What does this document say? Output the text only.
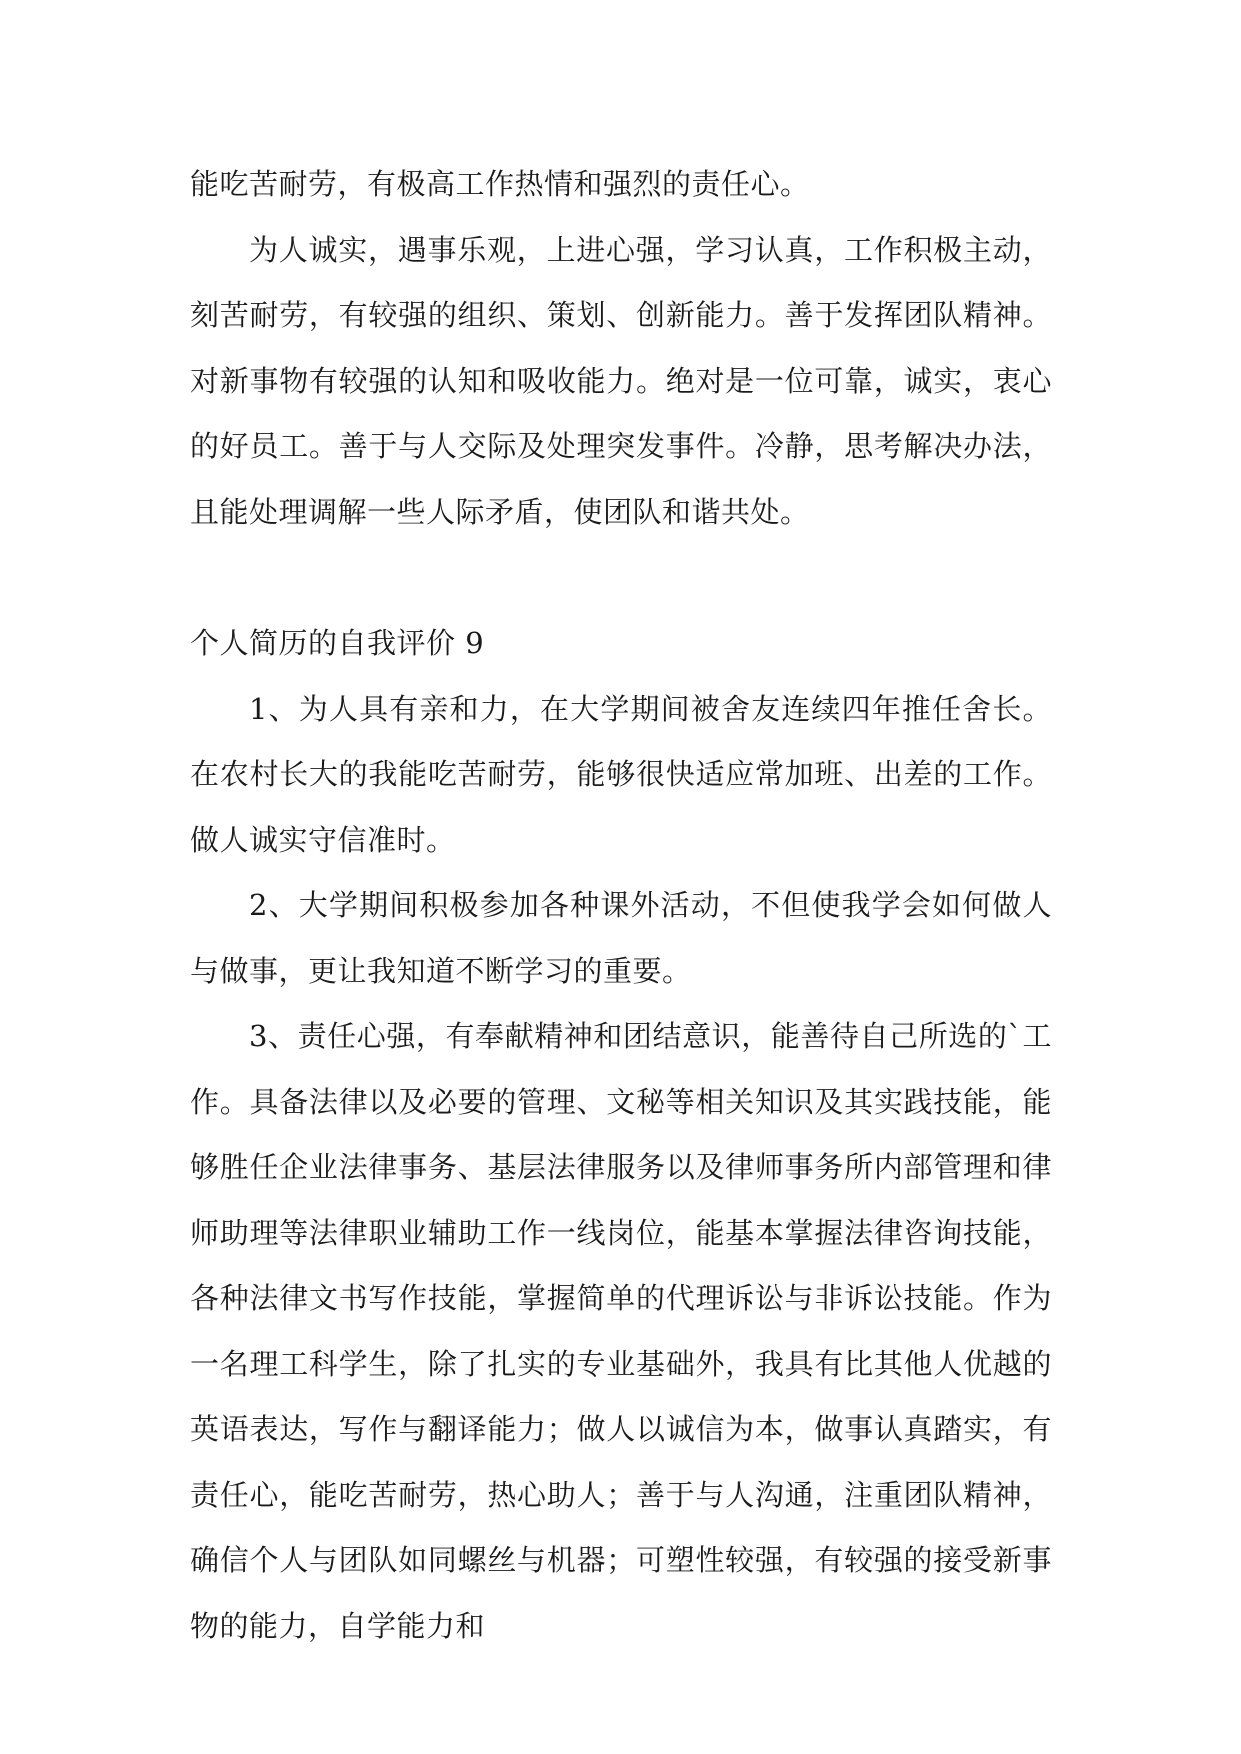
能吃苦耐劳，有极高工作热情和强烈的责任心。

为人诚实，遇事乐观，上进心强，学习认真，工作积极主动，刻苦耐劳，有较强的组织、策划、创新能力。善于发挥团队精神。对新事物有较强的认知和吸收能力。绝对是一位可靠，诚实，衷心的好员工。善于与人交际及处理突发事件。冷静，思考解决办法，且能处理调解一些人际矛盾，使团队和谐共处。

个人简历的自我评价 9

1、为人具有亲和力，在大学期间被舍友连续四年推任舍长。在农村长大的我能吃苦耐劳，能够很快适应常加班、出差的工作。做人诚实守信准时。

2、大学期间积极参加各种课外活动，不但使我学会如何做人与做事，更让我知道不断学习的重要。

3、责任心强，有奉献精神和团结意识，能善待自己所选的`工作。具备法律以及必要的管理、文秘等相关知识及其实践技能，能够胜任企业法律事务、基层法律服务以及律师事务所内部管理和律师助理等法律职业辅助工作一线岗位，能基本掌握法律咨询技能，各种法律文书写作技能，掌握简单的代理诉讼与非诉讼技能。作为一名理工科学生，除了扎实的专业基础外，我具有比其他人优越的英语表达，写作与翻译能力；做人以诚信为本，做事认真踏实，有责任心，能吃苦耐劳，热心助人；善于与人沟通，注重团队精神，确信个人与团队如同螺丝与机器；可塑性较强，有较强的接受新事物的能力，自学能力和
